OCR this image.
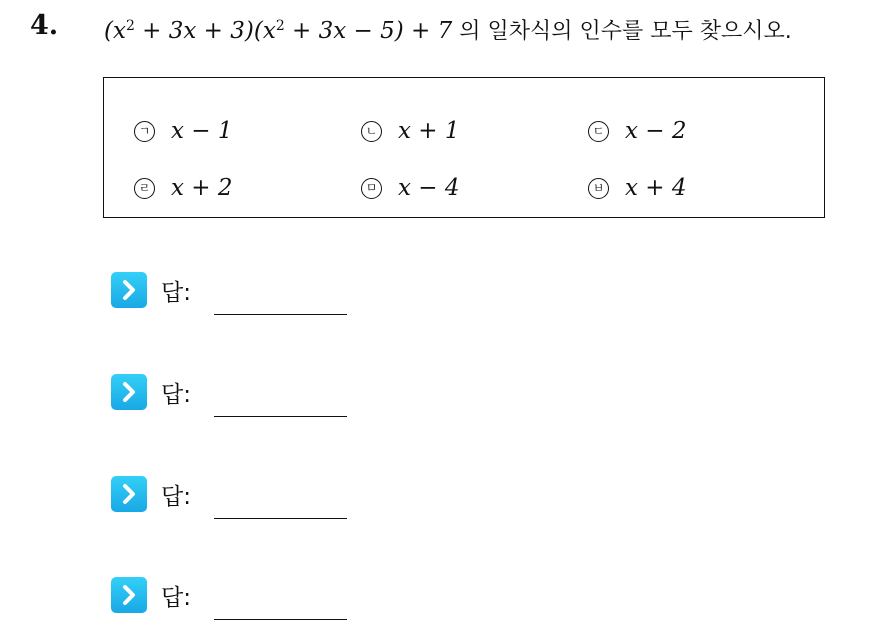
4. $(x^2 + 3x + 3)(x^2 + 3x - 5) + 7$ 의 일차식의 인수를 모두 찾으시오.
ㄱ x − 1	ㄴ x + 1	ㄷ x − 2
ㄹ x + 2	ㅁ x − 4	ㅂ x + 4
답:
답:
답:
답:
